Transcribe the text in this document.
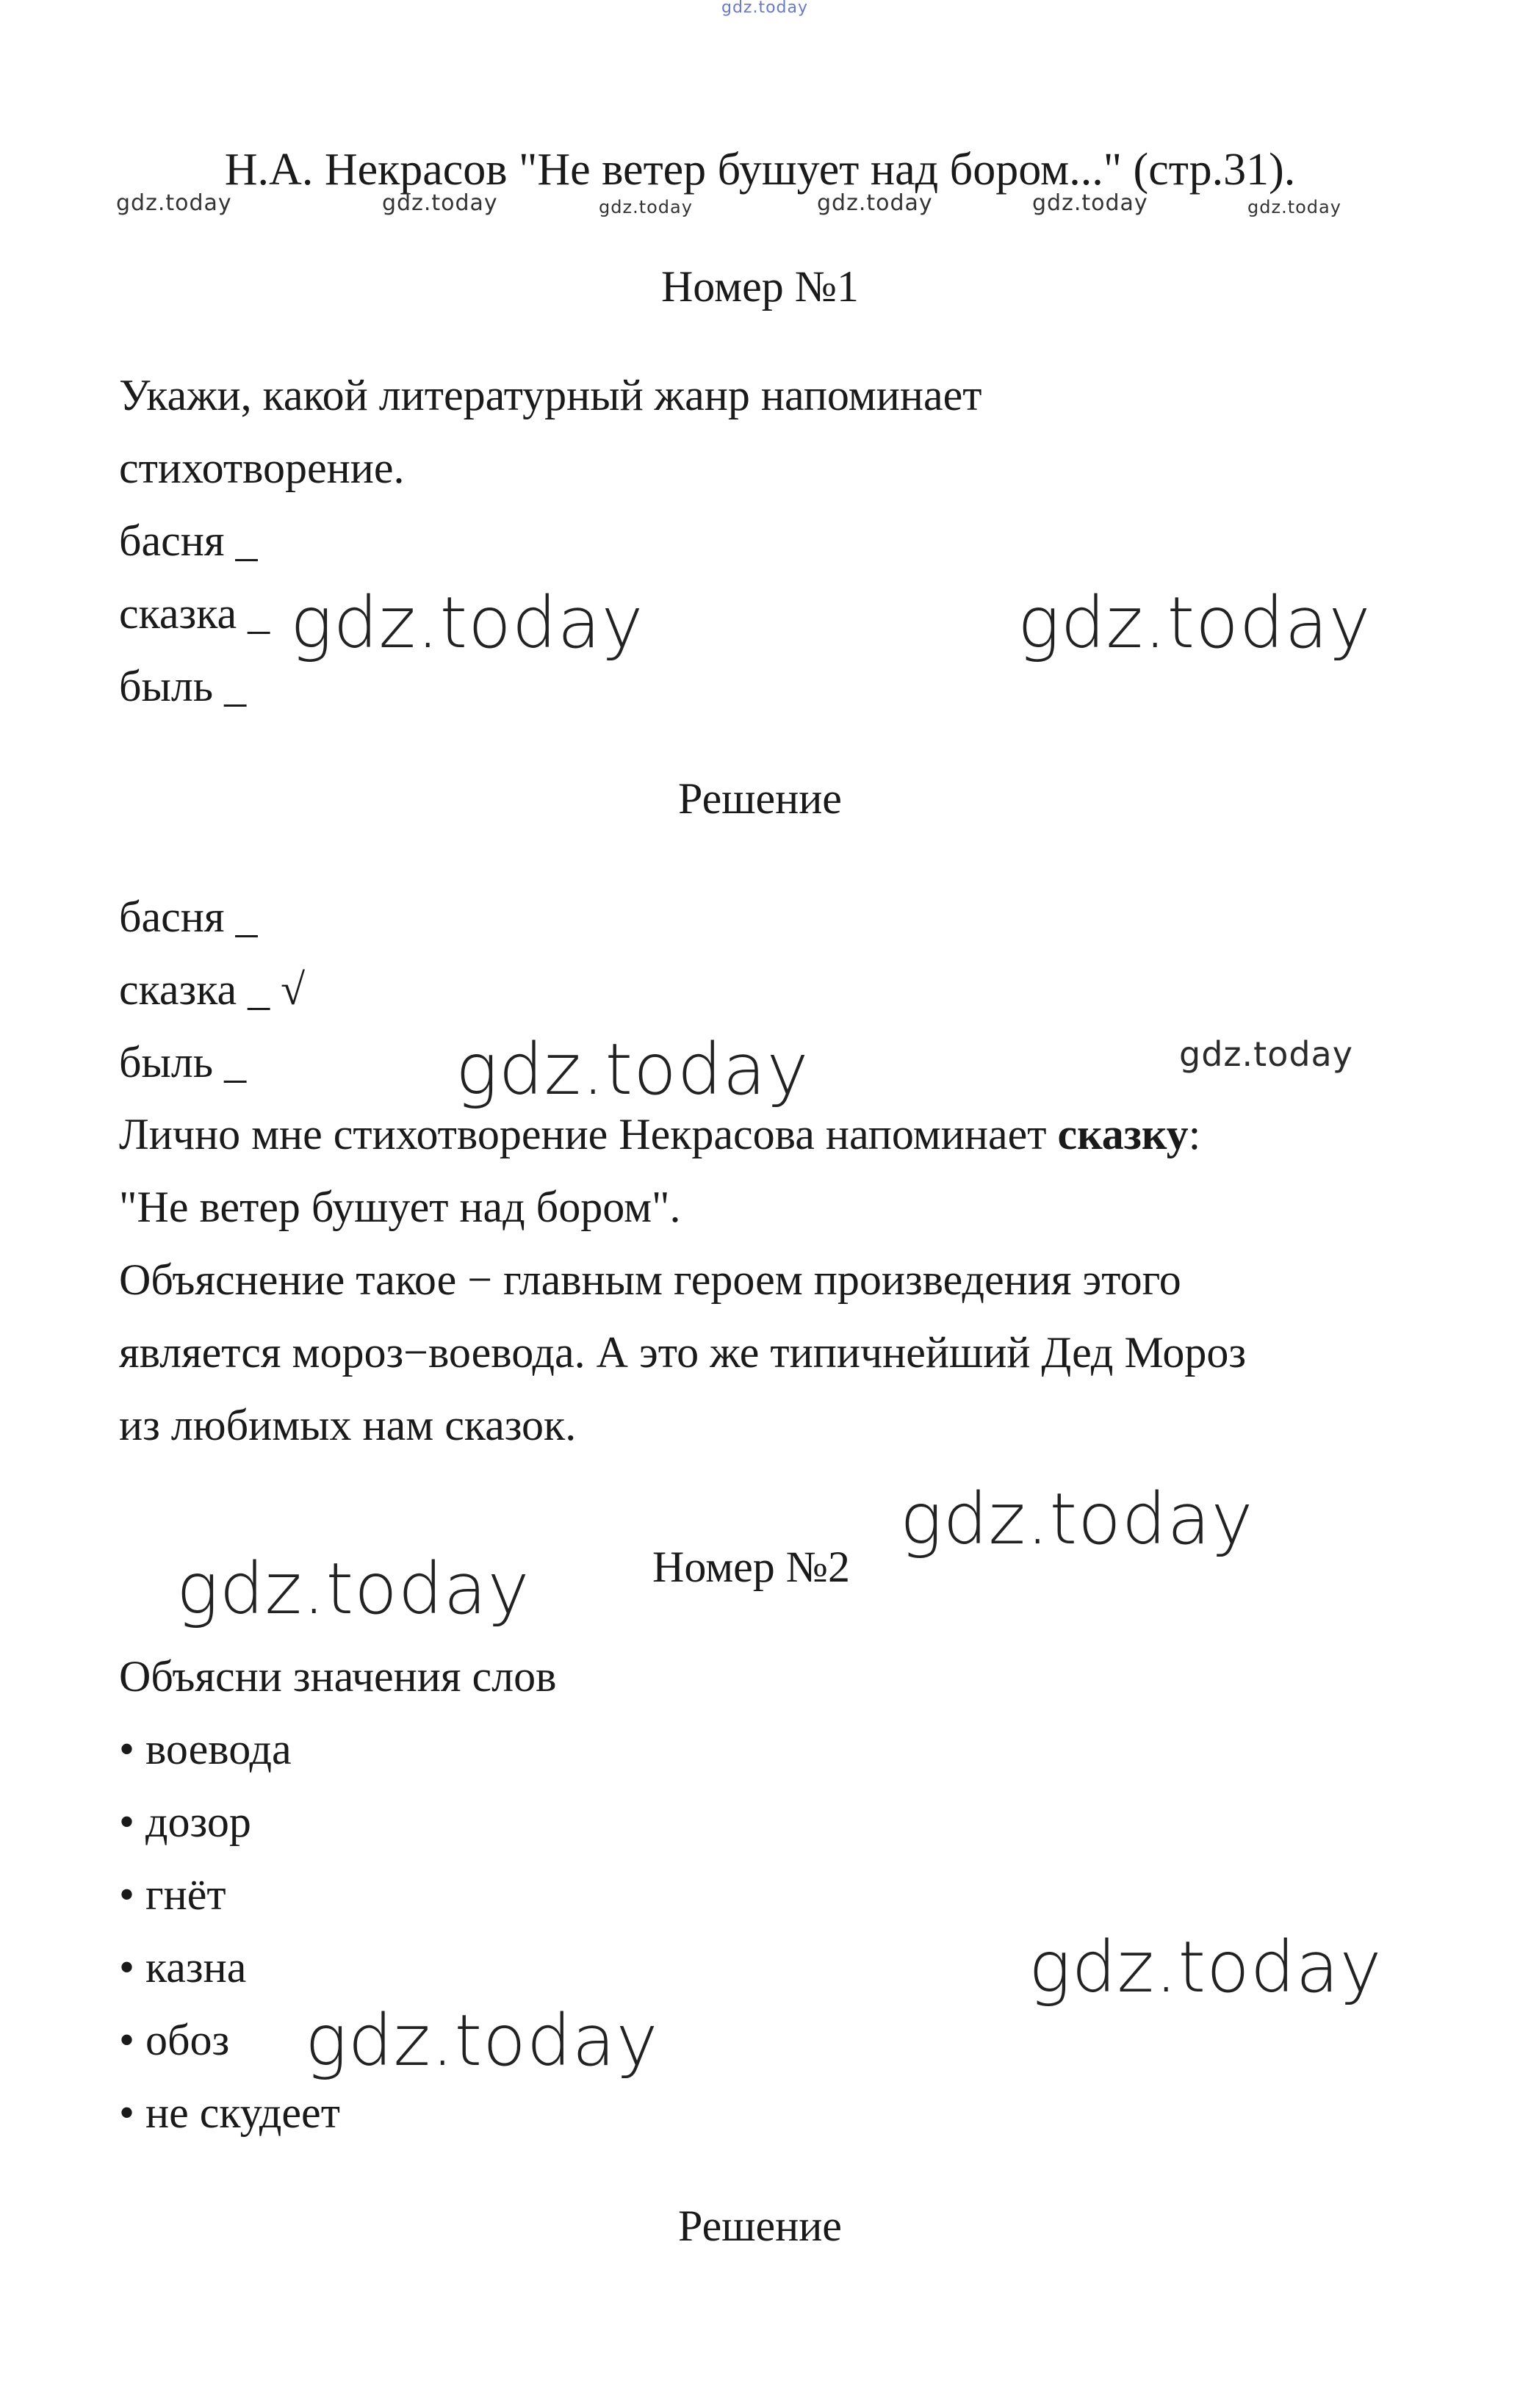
gdz.today
Н.А. Некрасов "Не ветер бушует над бором..." (стр.31).
gdz.today	gdz.today	gdz.today	gdz.today	gdz.today	gdz.today
Номер №1
Укажи, какой литературный жанр напоминает
стихотворение.
басня _
сказка _
быль _
gdz.today	gdz.today
Решение
басня _
сказка _ √
быль _	gdz.today	gdz.today
Лично мне стихотворение Некрасова напоминает сказку:
"Не ветер бушует над бором".
Объяснение такое − главным героем произведения этого
является мороз−воевода. А это же типичнейший Дед Мороз
из любимых нам сказок.
gdz.today
gdz.today	Номер №2
Объясни значения слов
• воевода
• дозор
• гнёт
• казна
• обоз
• не скудеет
gdz.today
gdz.today
Решение
